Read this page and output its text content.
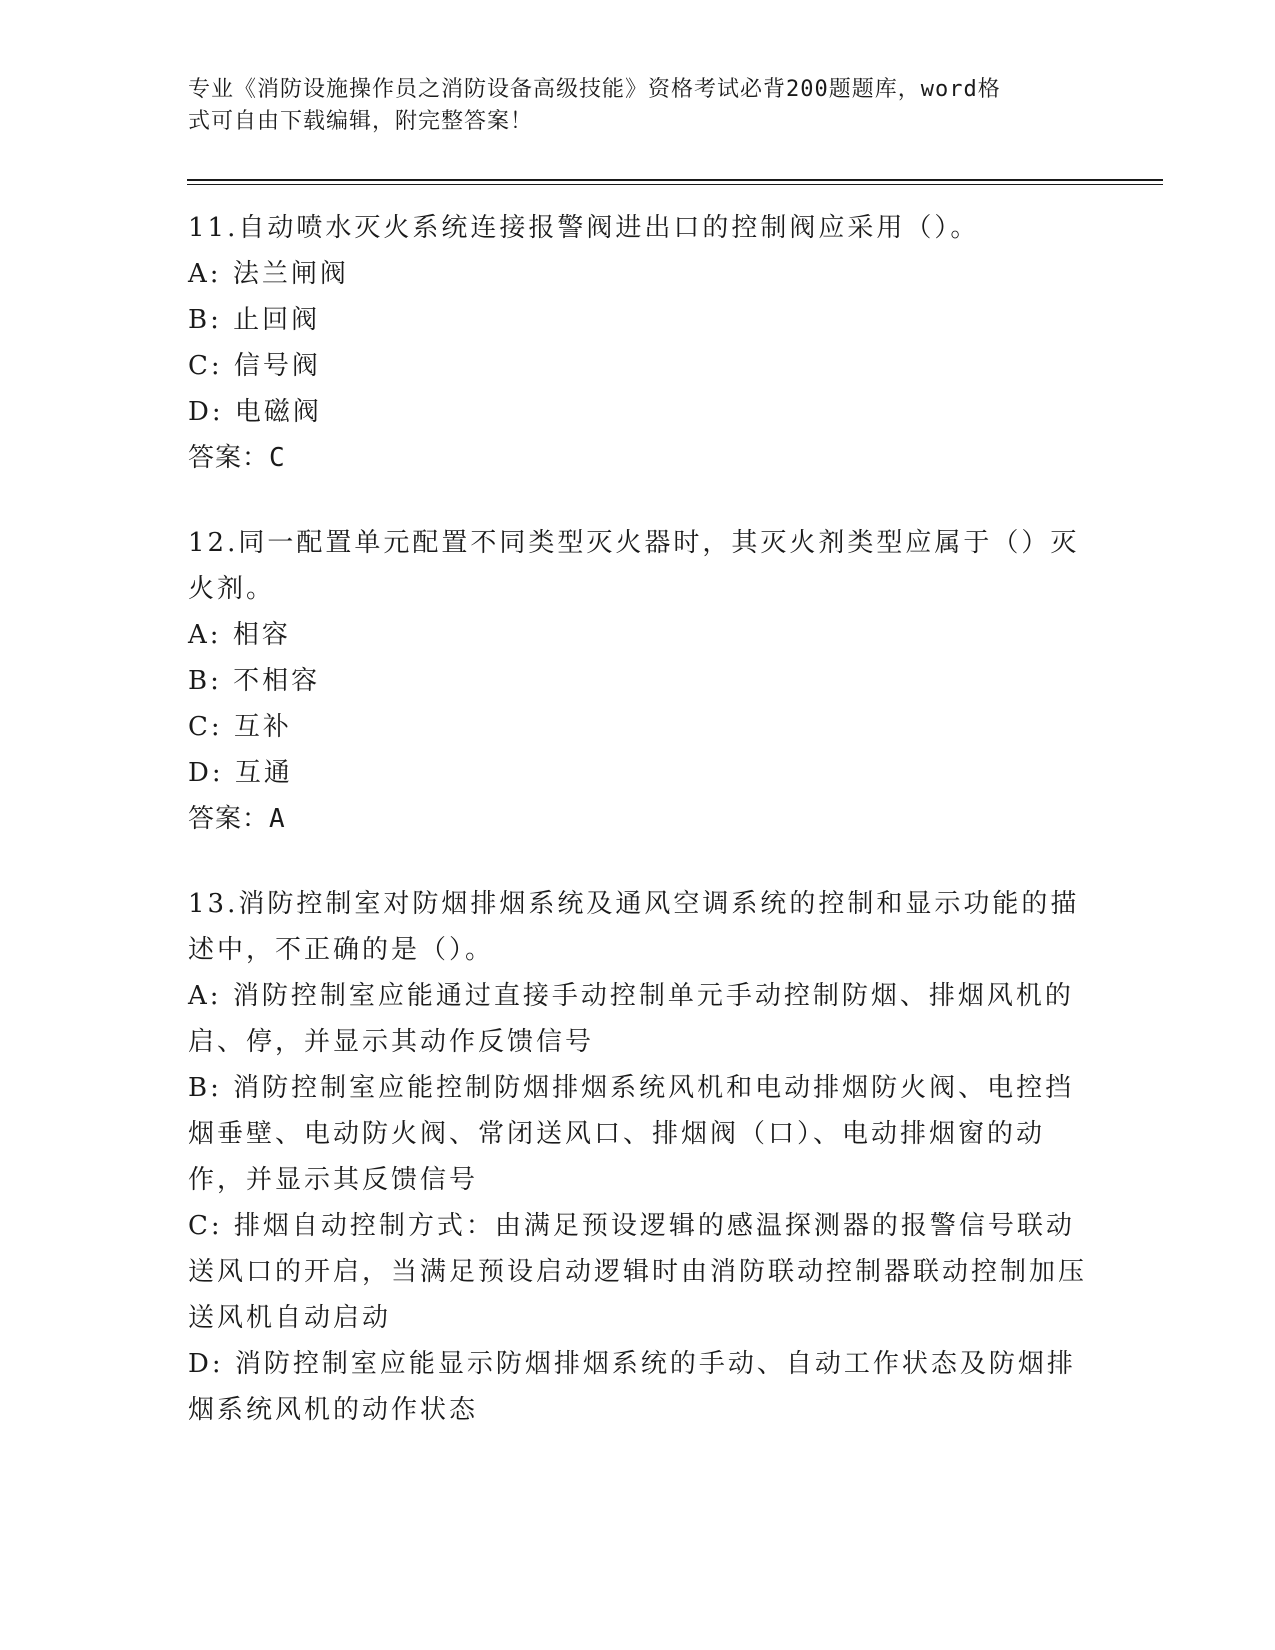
专业《消防设施操作员之消防设备高级技能》资格考试必背200题题库，word格
式可自由下载编辑，附完整答案！
11.自动喷水灭火系统连接报警阀进出口的控制阀应采用（）。
A: 法兰闸阀
B: 止回阀
C: 信号阀
D: 电磁阀
答案：C
12.同一配置单元配置不同类型灭火器时，其灭火剂类型应属于（）灭火剂。
A: 相容
B: 不相容
C: 互补
D: 互通
答案：A
13.消防控制室对防烟排烟系统及通风空调系统的控制和显示功能的描述中，不正确的是（）。
A: 消防控制室应能通过直接手动控制单元手动控制防烟、排烟风机的启、停，并显示其动作反馈信号
B: 消防控制室应能控制防烟排烟系统风机和电动排烟防火阀、电控挡烟垂壁、电动防火阀、常闭送风口、排烟阀（口）、电动排烟窗的动作，并显示其反馈信号
C: 排烟自动控制方式：由满足预设逻辑的感温探测器的报警信号联动送风口的开启，当满足预设启动逻辑时由消防联动控制器联动控制加压送风机自动启动
D: 消防控制室应能显示防烟排烟系统的手动、自动工作状态及防烟排烟系统风机的动作状态
